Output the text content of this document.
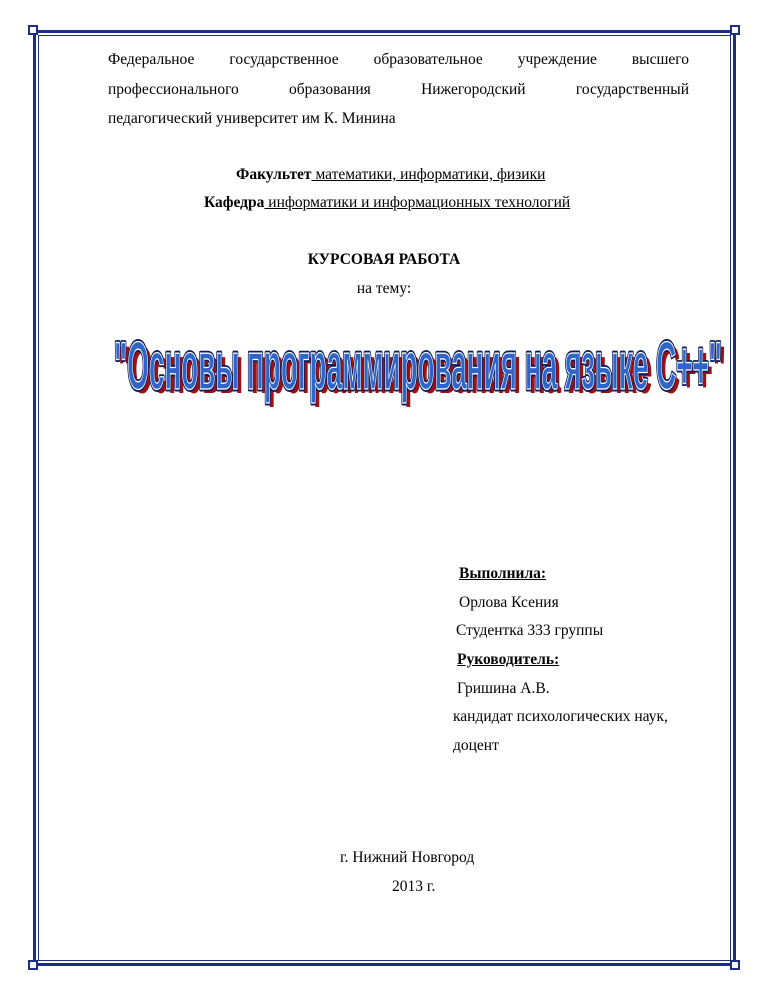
Федеральное государственное образовательное учреждение высшего
профессионального	образования	Нижегородский	государственный
педагогический университет им К. Минина
Факультет математики, информатики, физики
Кафедра информатики и информационных технологий
КУРСОВАЯ РАБОТА
на тему:
"Основы программирования на языке С++"
"Основы программирования на языке С++"
"Основы программирования на языке С++"
Выполнила:
Орлова Ксения
Студентка 333 группы
Руководитель:
Гришина А.В.
кандидат психологических наук,
доцент
г. Нижний Новгород
2013 г.
